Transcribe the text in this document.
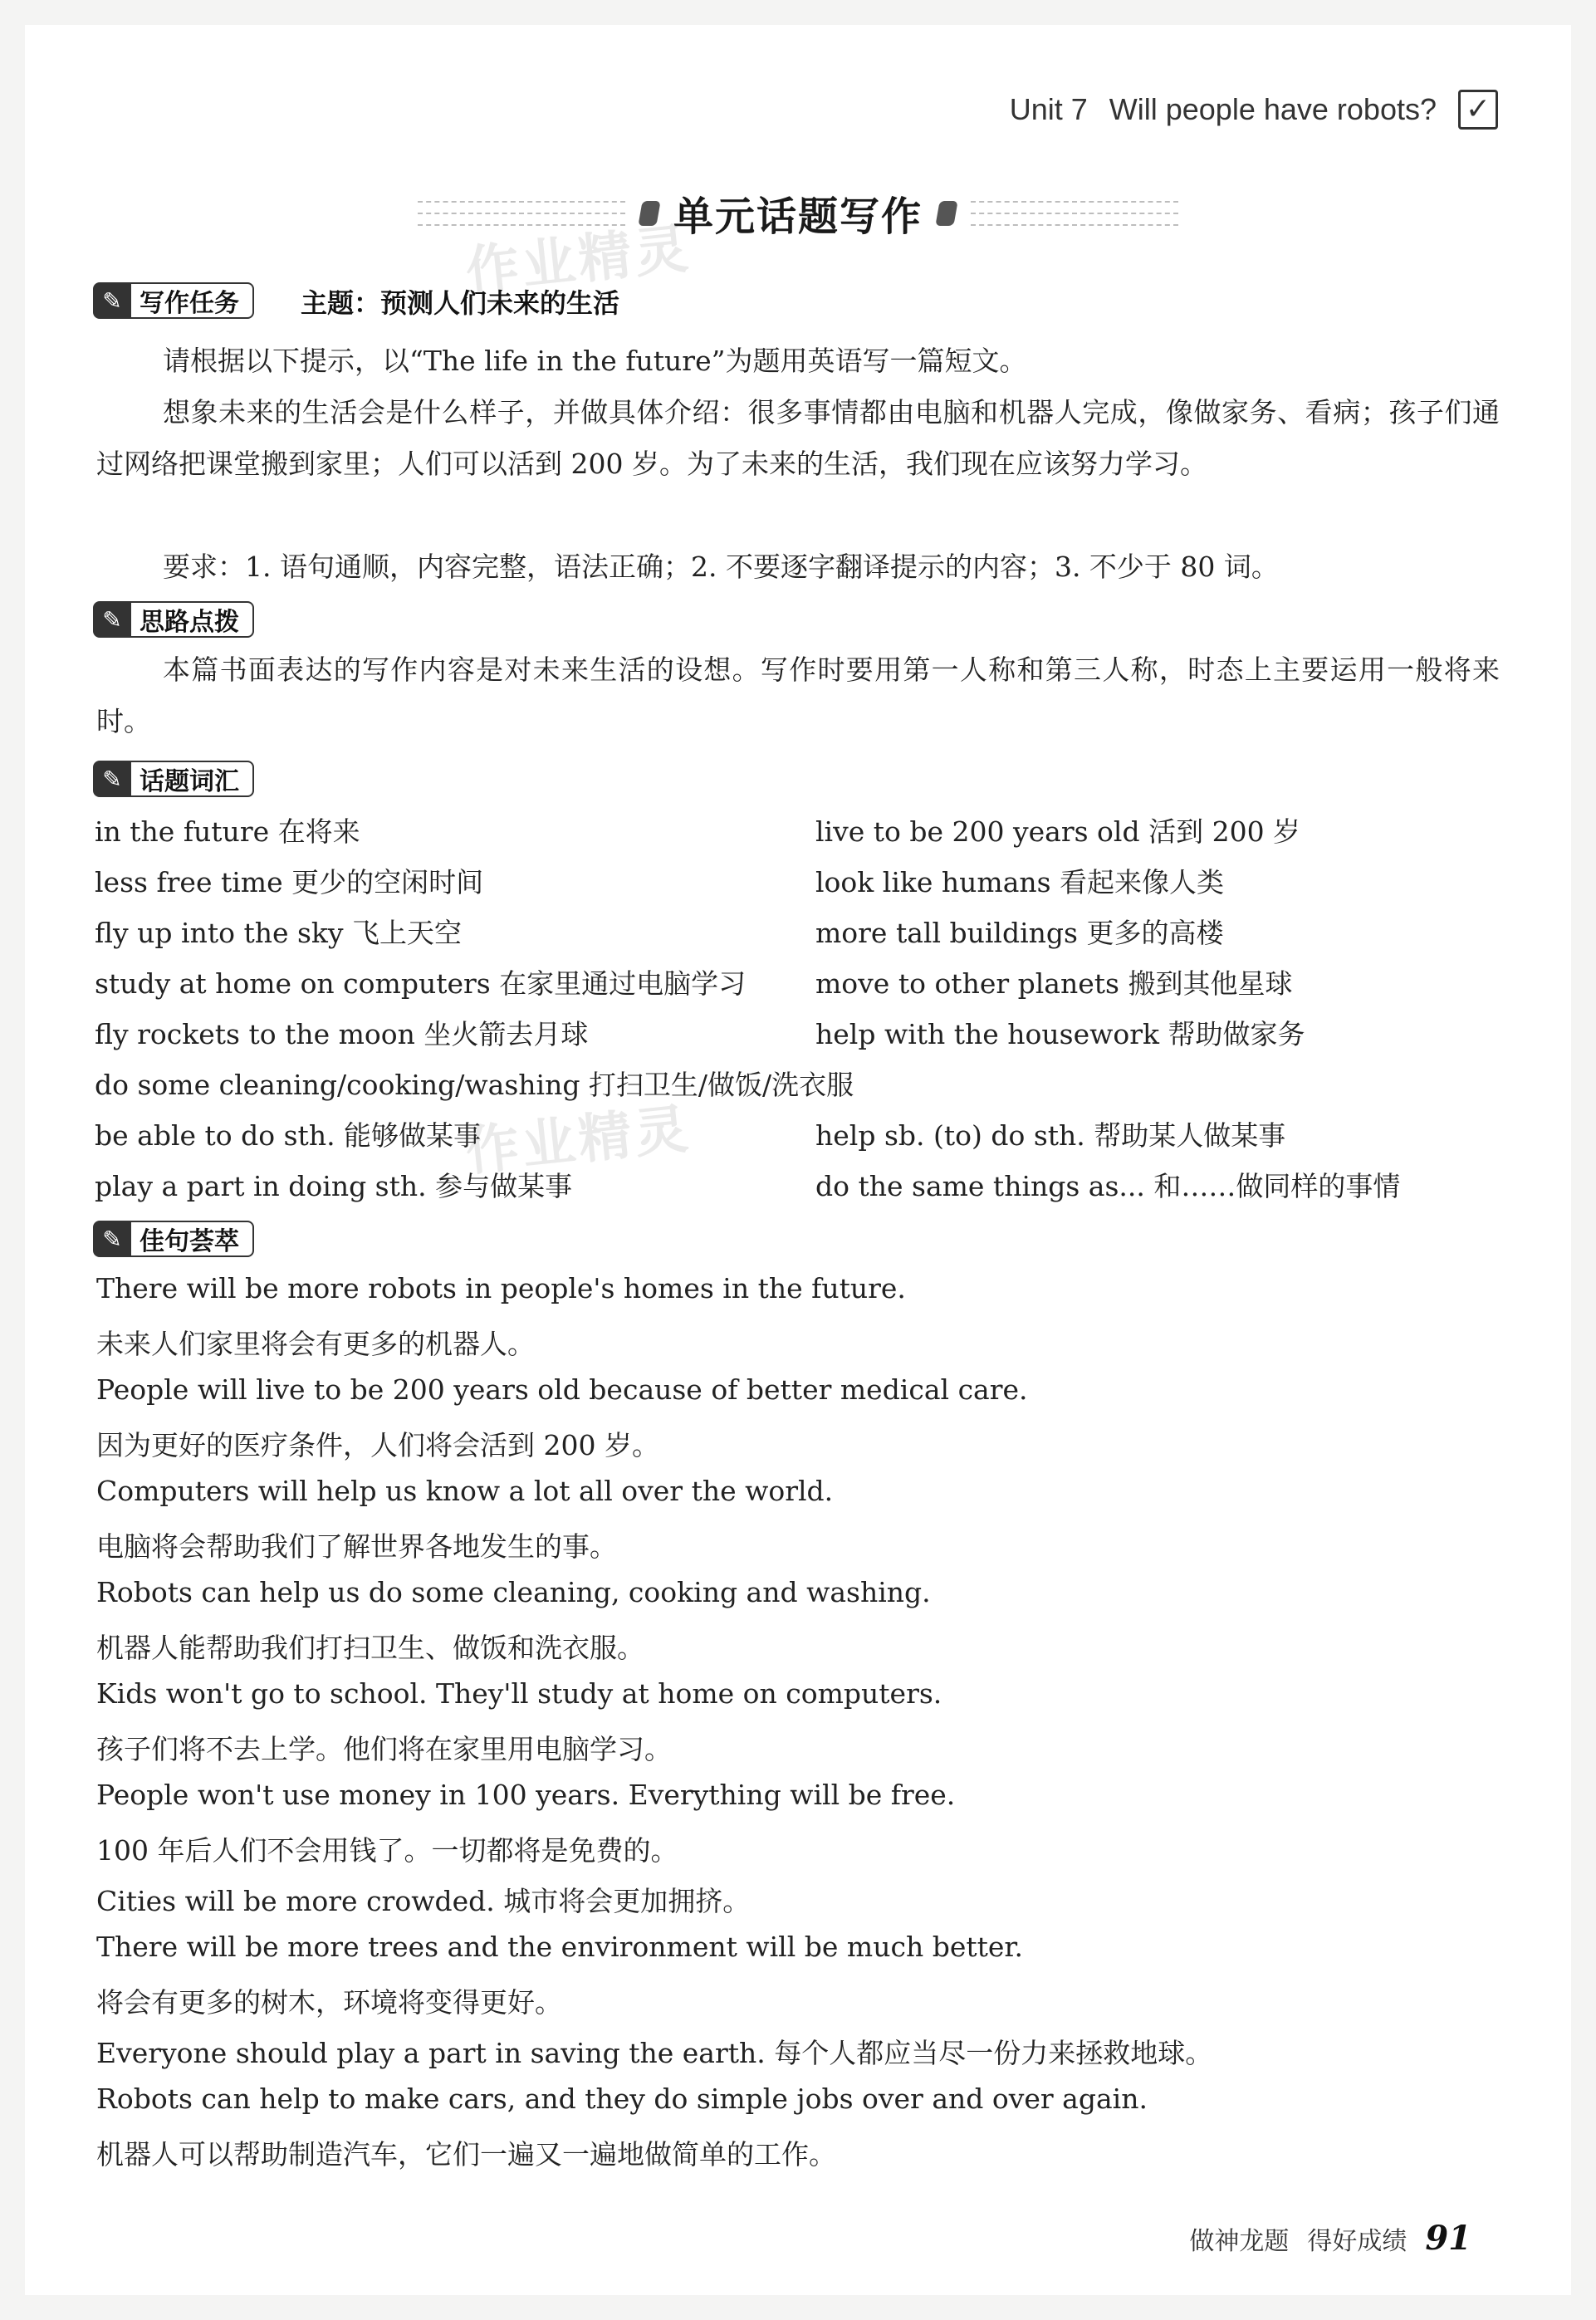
Unit 7 Will people have robots? ✓
单元话题写作
作业精灵
作业精灵
✎ 写作任务	主题：预测人们未来的生活
请根据以下提示，以“The life in the future”为题用英语写一篇短文。
想象未来的生活会是什么样子，并做具体介绍：很多事情都由电脑和机器人完成，像做家务、看病；孩子们通过网络把课堂搬到家里；人们可以活到 200 岁。为了未来的生活，我们现在应该努力学习。
要求：1. 语句通顺，内容完整，语法正确；2. 不要逐字翻译提示的内容；3. 不少于 80 词。
✎ 思路点拨
本篇书面表达的写作内容是对未来生活的设想。写作时要用第一人称和第三人称，时态上主要运用一般将来时。
✎ 话题词汇
in the future 在将来
less free time 更少的空闲时间
fly up into the sky 飞上天空
study at home on computers 在家里通过电脑学习
fly rockets to the moon 坐火箭去月球
do some cleaning/cooking/washing 打扫卫生/做饭/洗衣服
be able to do sth. 能够做某事
play a part in doing sth. 参与做某事
live to be 200 years old 活到 200 岁
look like humans 看起来像人类
more tall buildings 更多的高楼
move to other planets 搬到其他星球
help with the housework 帮助做家务
help sb. (to) do sth. 帮助某人做某事
do the same things as... 和……做同样的事情
✎ 佳句荟萃
There will be more robots in people's homes in the future.
未来人们家里将会有更多的机器人。
People will live to be 200 years old because of better medical care.
因为更好的医疗条件，人们将会活到 200 岁。
Computers will help us know a lot all over the world.
电脑将会帮助我们了解世界各地发生的事。
Robots can help us do some cleaning, cooking and washing.
机器人能帮助我们打扫卫生、做饭和洗衣服。
Kids won't go to school. They'll study at home on computers.
孩子们将不去上学。他们将在家里用电脑学习。
People won't use money in 100 years. Everything will be free.
100 年后人们不会用钱了。一切都将是免费的。
Cities will be more crowded. 城市将会更加拥挤。
There will be more trees and the environment will be much better.
将会有更多的树木，环境将变得更好。
Everyone should play a part in saving the earth. 每个人都应当尽一份力来拯救地球。
Robots can help to make cars, and they do simple jobs over and over again.
机器人可以帮助制造汽车，它们一遍又一遍地做简单的工作。
做神龙题 得好成绩 91
